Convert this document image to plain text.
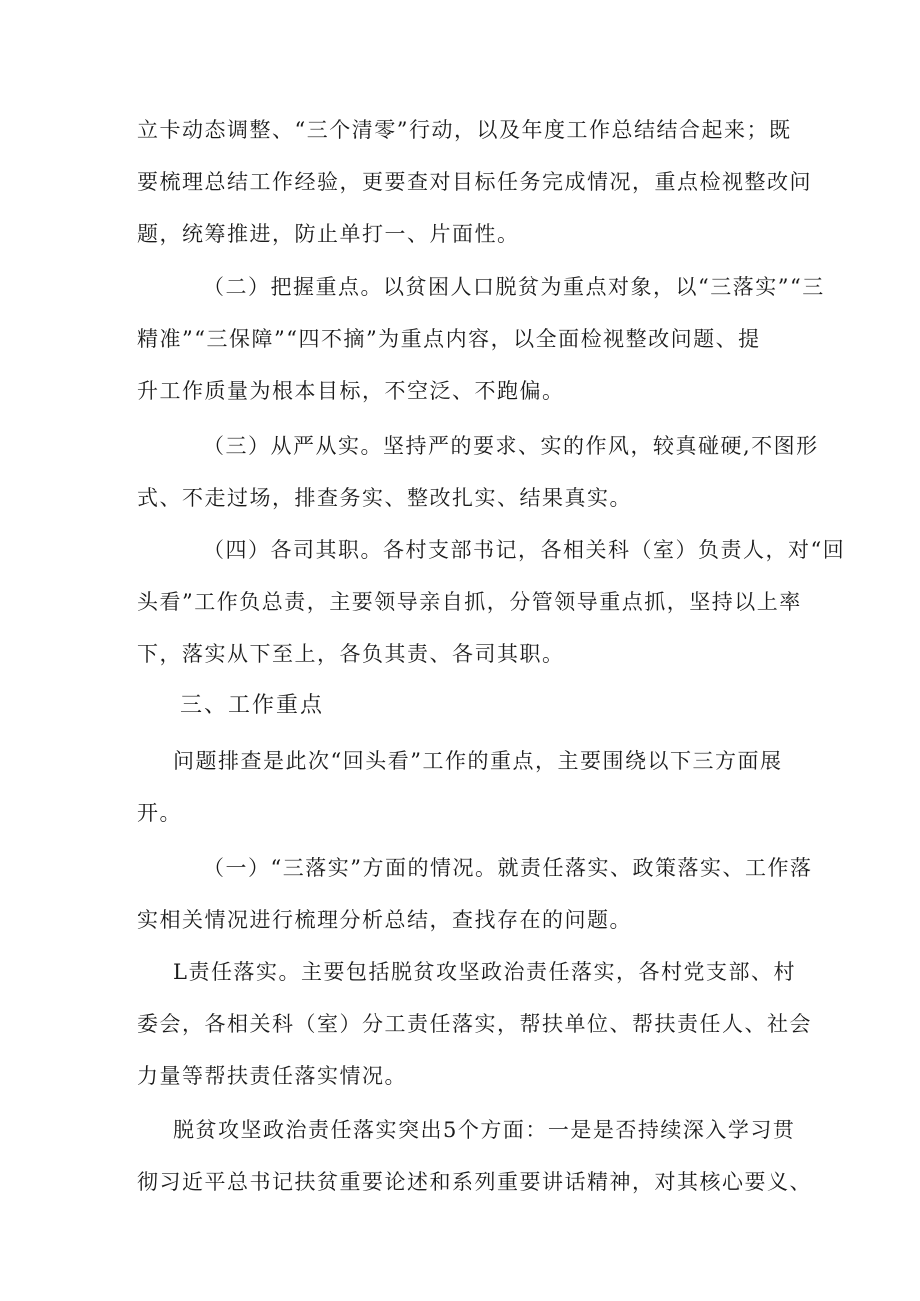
立卡动态调整、“三个清零”行动，以及年度工作总结结合起来；既
要梳理总结工作经验，更要查对目标任务完成情况，重点检视整改问
题，统筹推进，防止单打一、片面性。
（二）把握重点。以贫困人口脱贫为重点对象，以“三落实”“三
精准”“三保障”“四不摘”为重点内容，以全面检视整改问题、提
升工作质量为根本目标，不空泛、不跑偏。
（三）从严从实。坚持严的要求、实的作风，较真碰硬,不图形
式、不走过场，排查务实、整改扎实、结果真实。
（四）各司其职。各村支部书记，各相关科（室）负责人，对“回
头看”工作负总责，主要领导亲自抓，分管领导重点抓，坚持以上率
下，落实从下至上，各负其责、各司其职。
三、工作重点
问题排查是此次“回头看”工作的重点，主要围绕以下三方面展
开。
（一）“三落实”方面的情况。就责任落实、政策落实、工作落
实相关情况进行梳理分析总结，查找存在的问题。
L责任落实。主要包括脱贫攻坚政治责任落实，各村党支部、村
委会，各相关科（室）分工责任落实，帮扶单位、帮扶责任人、社会
力量等帮扶责任落实情况。
脱贫攻坚政治责任落实突出5个方面：一是是否持续深入学习贯
彻习近平总书记扶贫重要论述和系列重要讲话精神，对其核心要义、
